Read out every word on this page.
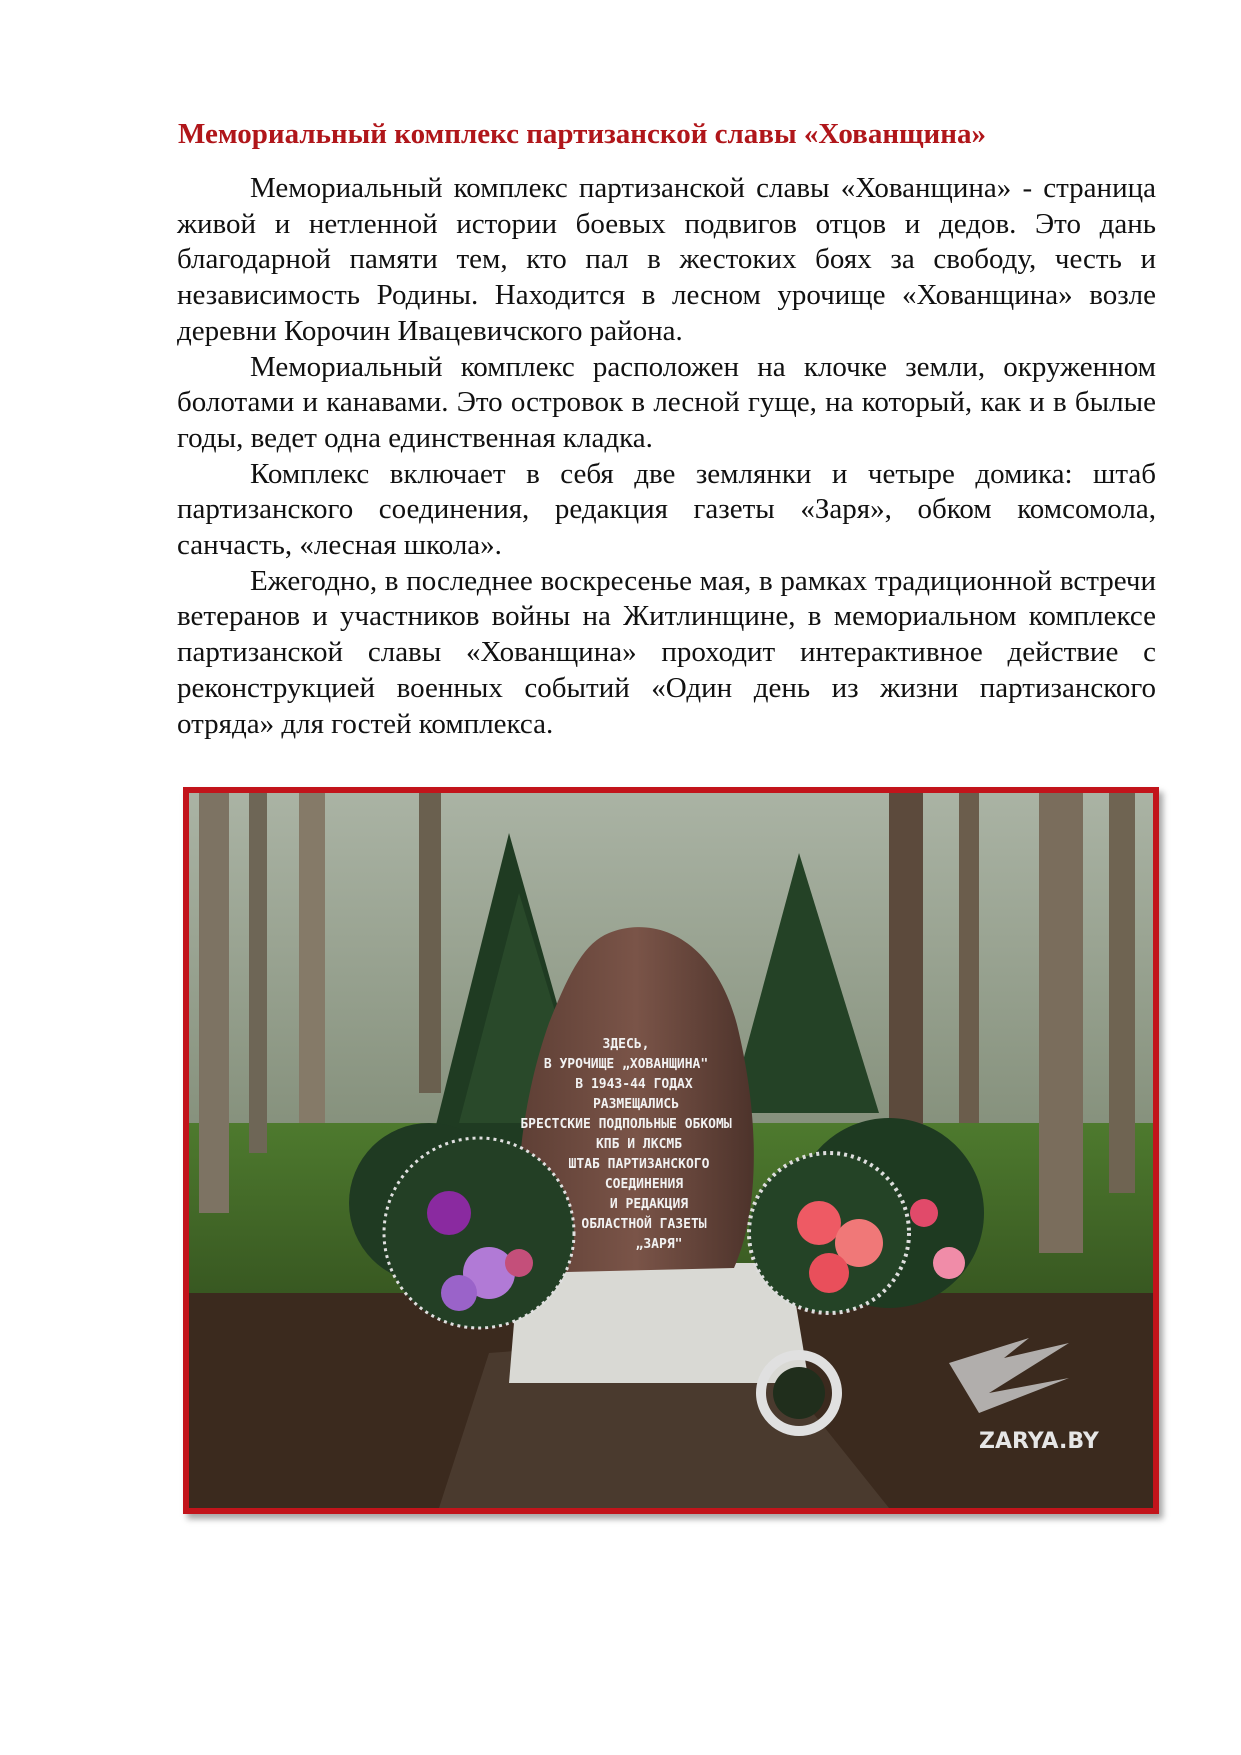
Мемориальный комплекс партизанской славы «Хованщина»

Мемориальный комплекс партизанской славы «Хованщина» - страница живой и нетленной истории боевых подвигов отцов и дедов. Это дань благодарной памяти тем, кто пал в жестоких боях за свободу, честь и независимость Родины. Находится в лесном урочище «Хованщина» возле деревни Корочин Ивацевичского района.

Мемориальный комплекс расположен на клочке земли, окруженном болотами и канавами. Это островок в лесной гуще, на который, как и в былые годы, ведет одна единственная кладка.

Комплекс включает в себя две землянки и четыре домика: штаб партизанского соединения, редакция газеты «Заря», обком комсомола, санчасть, «лесная школа».

Ежегодно, в последнее воскресенье мая, в рамках традиционной встречи ветеранов и участников войны на Житлинщине, в мемориальном комплексе партизанской славы «Хованщина» проходит интерактивное действие с реконструкцией военных событий «Один день из жизни партизанского отряда» для гостей комплекса.

ЗДЕСЬ,
В УРОЧИЩЕ „ХОВАНЩИНА"
В 1943-44 ГОДАХ
РАЗМЕЩАЛИСЬ
БРЕСТСКИЕ ПОДПОЛЬНЫЕ ОБКОМЫ
КПБ И ЛКСМБ
ШТАБ ПАРТИЗАНСКОГО
СОЕДИНЕНИЯ
И РЕДАКЦИЯ
ОБЛАСТНОЙ ГАЗЕТЫ
„ЗАРЯ"
ZARYA.BY
